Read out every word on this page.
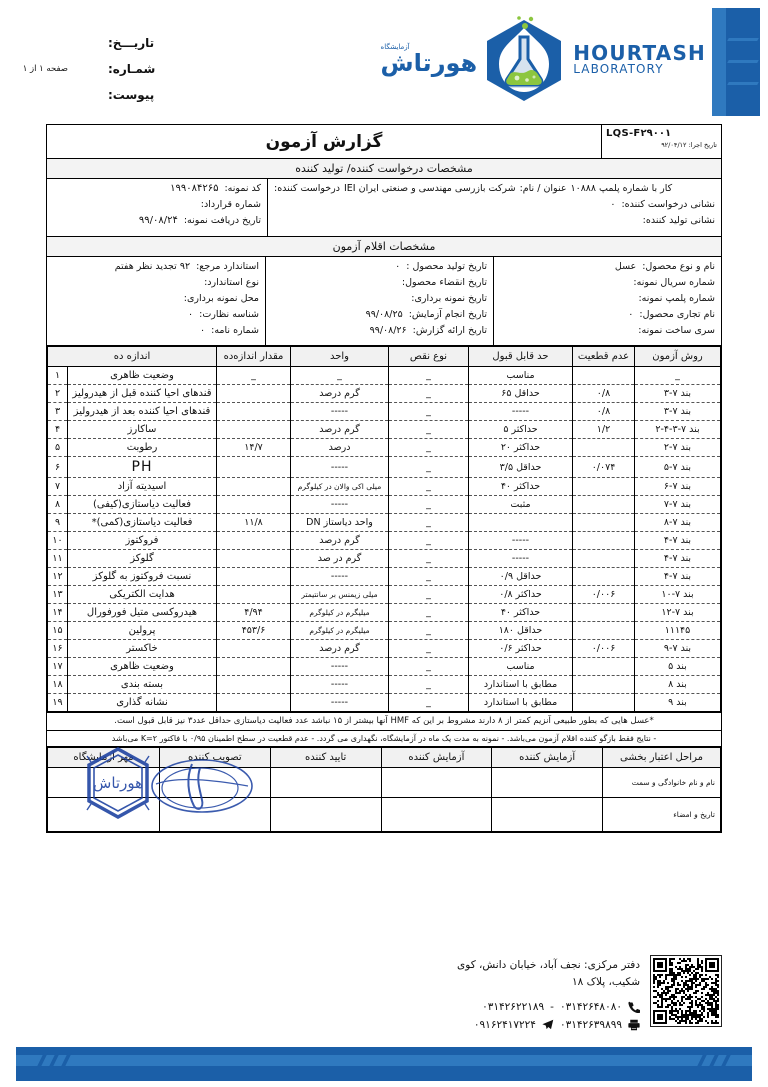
آزمایشگاه
هورتاش	HOURTASH
LABORATORY
تاریـــخ:
شمـاره:
پیوست:
صفحه ۱ از ۱
LQS-F۲۹۰۰۱
تاریخ اجرا: ۹۲/۰۴/۱۲
گزارش آزمون
مشخصات درخواست کننده/ تولید کننده
کار با شماره پلمپ ۱۰۸۸۸
عنوان / نام:
شرکت بازرسی مهندسی و صنعتی ایران IEI
درخواست کننده:
نشانی درخواست کننده:
۰
نشانی تولید کننده:
کد نمونه:
۱۹۹۰۸۴۲۶۵
شماره قرارداد:
تاریخ دریافت نمونه:
۹۹/۰۸/۲۴
مشخصات اقلام آزمون
نام و نوع محصول:
عسل
شماره سریال نمونه:
شماره پلمپ نمونه:
نام تجاری محصول:
۰
سری ساخت نمونه:
تاریخ تولید محصول :
۰
تاریخ انقضاء محصول:
تاریخ نمونه برداری:
تاریخ انجام آزمایش:
۹۹/۰۸/۲۵
تاریخ ارائه گزارش:
۹۹/۰۸/۲۶
استاندارد مرجع:
۹۲ تجدید نظر هفتم
نوع استاندارد:
محل نمونه برداری:
شناسه نظارت:
۰
شماره نامه:
۰
روش آزمون	عدم قطعیت	حد قابل قبول	نوع نقص	واحد	مقدار اندازه‌ده	اندازه ده	
_		مناسب	_	_	_	وضعیت ظاهری	۱
بند ۷-۳	۰/۸	حداقل ۶۵	_	گرم درصد		قندهای احیا کننده قبل از هیدرولیز	۲
بند ۷-۳	۰/۸	-----	_	-----		قندهای احیا کننده بعد از هیدرولیز	۳
بند ۷-۳-۴-۲	۱/۲	حداکثر ۵	_	گرم درصد		ساکارز	۴
بند ۷-۲		حداکثر ۲۰	_	درصد	۱۴/۷	رطوبت	۵
بند ۷-۵	۰/۰۷۴	حداقل ۳/۵	_	-----		PH	۶
بند ۷-۶		حداکثر ۴۰	_	میلی اکی والان در کیلوگرم		اسیدیته آزاد	۷
بند ۷-۷		مثبت	_	-----		فعالیت دیاستازی(کیفی)	۸
بند ۷-۸			_	واحد دیاستاز DN	۱۱/۸	فعالیت دیاستازی(کمی)*	۹
بند ۷-۴		-----	_	گرم درصد		فروکتوز	۱۰
بند ۷-۴		-----	_	گرم در صد		گلوکز	۱۱
بند ۷-۴		حداقل ۰/۹	_	-----		نسبت فروکتوز به گلوکز	۱۲
بند ۷-۱۰	۰/۰۰۶	حداکثر ۰/۸	_	میلی زیمنس بر سانتیمتر		هدایت الکتریکی	۱۳
بند ۷-۱۲		حداکثر ۴۰	_	میلیگرم در کیلوگرم	۴/۹۴	هیدروکسی متیل فورفورال	۱۴
۱۱۱۴۵		حداقل ۱۸۰	_	میلیگرم در کیلوگرم	۴۵۳/۶	پرولین	۱۵
بند ۷-۹	۰/۰۰۶	حداکثر ۰/۶	_	گرم درصد		خاکستر	۱۶
بند ۵		مناسب	_	-----		وضعیت ظاهری	۱۷
بند ۸		مطابق با استاندارد	_	-----		بسته بندی	۱۸
بند ۹		مطابق با استاندارد	_	-----		نشانه گذاری	۱۹
*عسل هایی که بطور طبیعی آنزیم کمتر از ۸ دارند مشروط بر این که HMF آنها بیشتر از ۱۵ نباشد عدد فعالیت دیاستازی حداقل عدد۳ نیز قابل قبول است.
- نتایج فقط بازگو کننده اقلام آزمون می‌باشد. - نمونه به مدت یک ماه در آزمایشگاه، نگهداری می گردد. - عدم قطعیت در سطح اطمینان ۰/۹۵ با فاکتور K=۲ می‌باشد
مراحل اعتبار بخشی	آزمایش کننده	آزمایش کننده	تایید کننده	تصویب کننده	مهر آزمایشگاه
نام و نام خانوادگی و سمت					هورتاش

تاریخ و امضاء					
دفتر مرکزی: نجف آباد، خیابان دانش، کوی
شکیب، پلاک ۱۸
۰۳۱۴۲۶۴۸۰۸۰
-
۰۳۱۴۲۶۲۲۱۸۹
۰۳۱۴۲۶۳۹۸۹۹
۰۹۱۶۲۴۱۷۲۲۴
